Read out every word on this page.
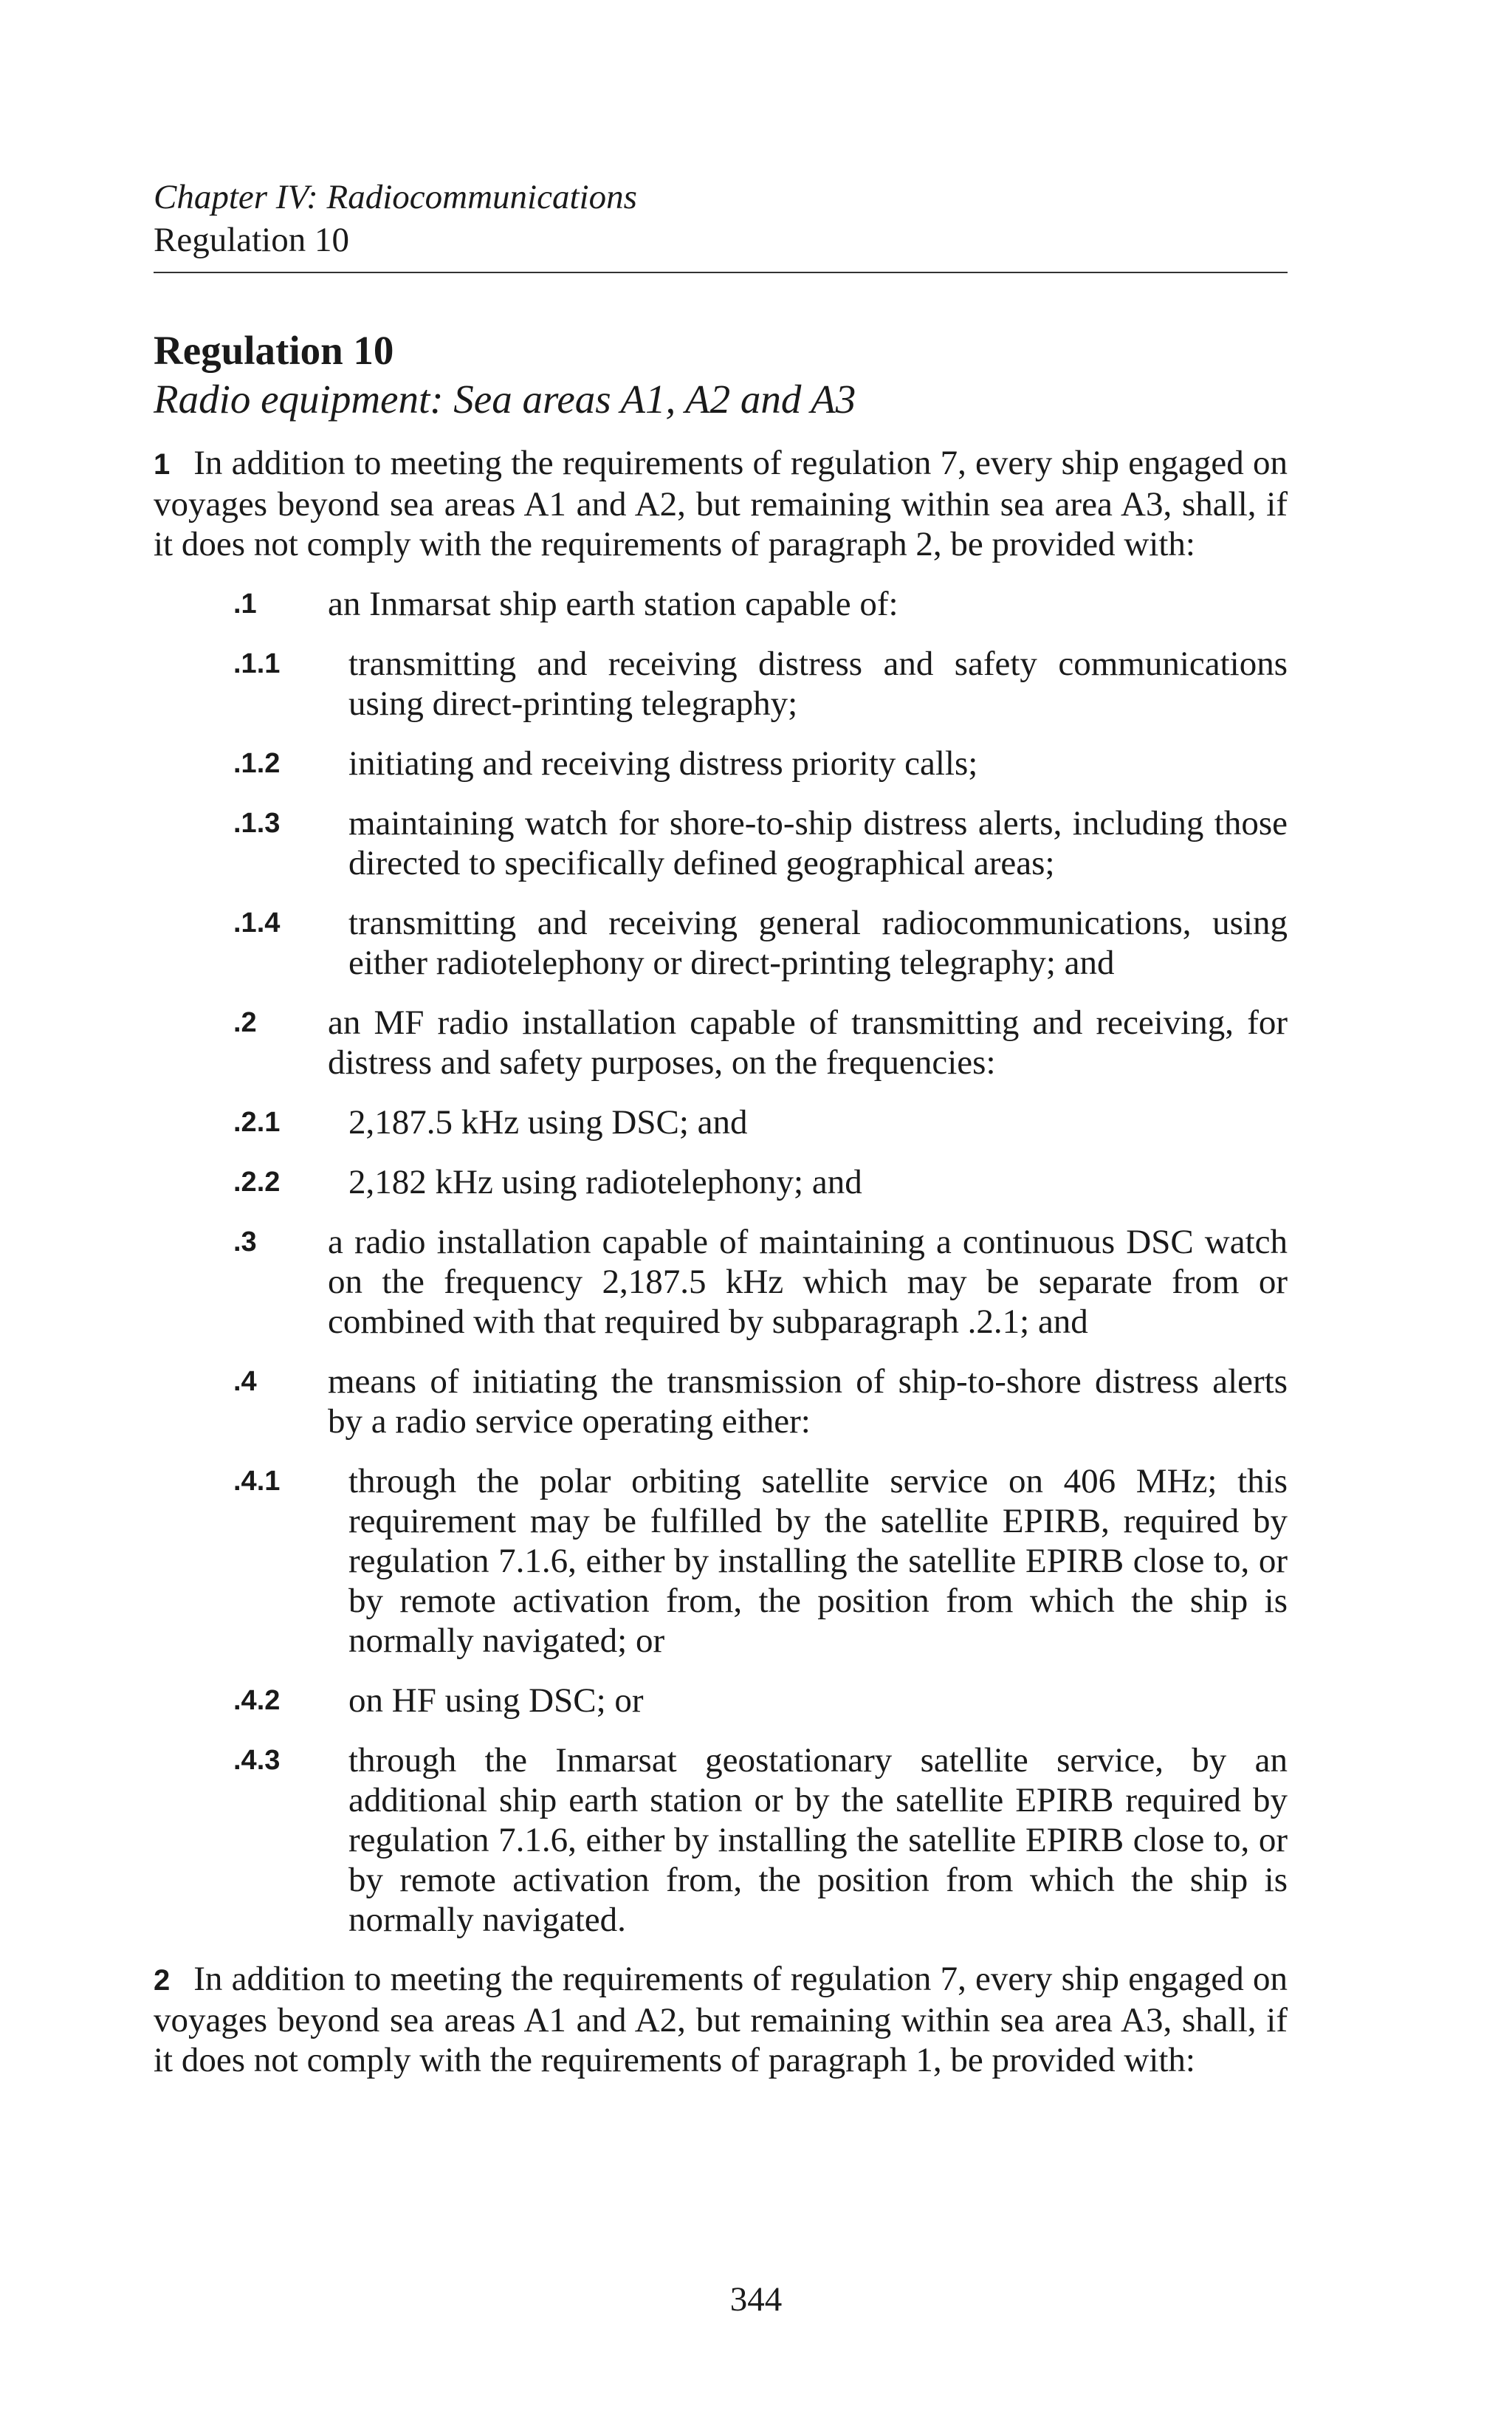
Chapter IV: Radiocommunications
Regulation 10
Regulation 10
Radio equipment: Sea areas A1, A2 and A3
1 In addition to meeting the requirements of regulation 7, every ship engaged on voyages beyond sea areas A1 and A2, but remaining within sea area A3, shall, if it does not comply with the requirements of paragraph 2, be provided with:
.1 an Inmarsat ship earth station capable of:
.1.1 transmitting and receiving distress and safety communications using direct-printing telegraphy;
.1.2 initiating and receiving distress priority calls;
.1.3 maintaining watch for shore-to-ship distress alerts, including those directed to specifically defined geographical areas;
.1.4 transmitting and receiving general radiocommunications, using either radiotelephony or direct-printing telegraphy; and
.2 an MF radio installation capable of transmitting and receiving, for distress and safety purposes, on the frequencies:
.2.1 2,187.5 kHz using DSC; and
.2.2 2,182 kHz using radiotelephony; and
.3 a radio installation capable of maintaining a continuous DSC watch on the frequency 2,187.5 kHz which may be separate from or combined with that required by subparagraph .2.1; and
.4 means of initiating the transmission of ship-to-shore distress alerts by a radio service operating either:
.4.1 through the polar orbiting satellite service on 406 MHz; this requirement may be fulfilled by the satellite EPIRB, required by regulation 7.1.6, either by installing the satellite EPIRB close to, or by remote activation from, the position from which the ship is normally navigated; or
.4.2 on HF using DSC; or
.4.3 through the Inmarsat geostationary satellite service, by an additional ship earth station or by the satellite EPIRB required by regulation 7.1.6, either by installing the satellite EPIRB close to, or by remote activation from, the position from which the ship is normally navigated.
2 In addition to meeting the requirements of regulation 7, every ship engaged on voyages beyond sea areas A1 and A2, but remaining within sea area A3, shall, if it does not comply with the requirements of paragraph 1, be provided with:
344
